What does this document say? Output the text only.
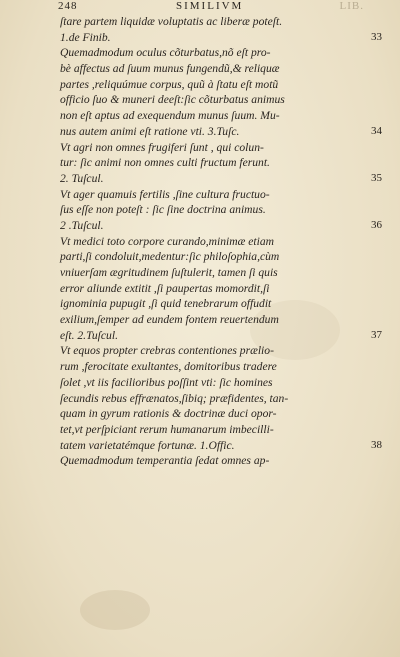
248	SIMILIVM	LIB.
ſtare partem liquidæ voluptatis ac liberæ poteſt.
1.de Finib.	33
Quemadmodum oculus cõturbatus,nõ eſt pro-
bè affectus ad ſuum munus fungendũ,& reliquæ
partes ,reliquúmue corpus, quũ à ſtatu eſt motũ
officio ſuo & muneri deeſt:ſic cõturbatus animus
non eſt aptus ad exequendum munus ſuum. Mu-
nus autem animi eſt ratione vti. 3.Tuſc.	34
Vt agri non omnes frugiferi ſunt , qui colun-
tur: ſic animi non omnes culti fructum ferunt.
2. Tuſcul.	35
Vt ager quamuis fertilis ,ſine cultura fructuo-
ſus eſſe non poteſt : ſic ſine doctrina animus.
2 .Tuſcul.	36
Vt medici toto corpore curando,minimæ etiam
parti,ſi condoluit,medentur:ſic philoſophia,cùm
vniuerſam ægritudinem ſuſtulerit, tamen ſi quis
error aliunde extitit ,ſi paupertas momordit,ſi
ignominia pupugit ,ſi quid tenebrarum offudit
exilium,ſemper ad eundem fontem reuertendum
eſt. 2.Tuſcul.	37
Vt equos propter crebras contentiones prælio-
rum ,ferocitate exultantes, domitoribus tradere
ſolet ,vt iis facilioribus poſſint vti: ſic homines
ſecundis rebus effrænatos,ſibiq; præfidentes, tan-
quam in gyrum rationis & doctrinæ duci opor-
tet,vt perſpiciant rerum humanarum imbecilli-
tatem varietatémque fortunæ. 1.Offic.	38
Quemadmodum temperantia ſedat omnes ap-
